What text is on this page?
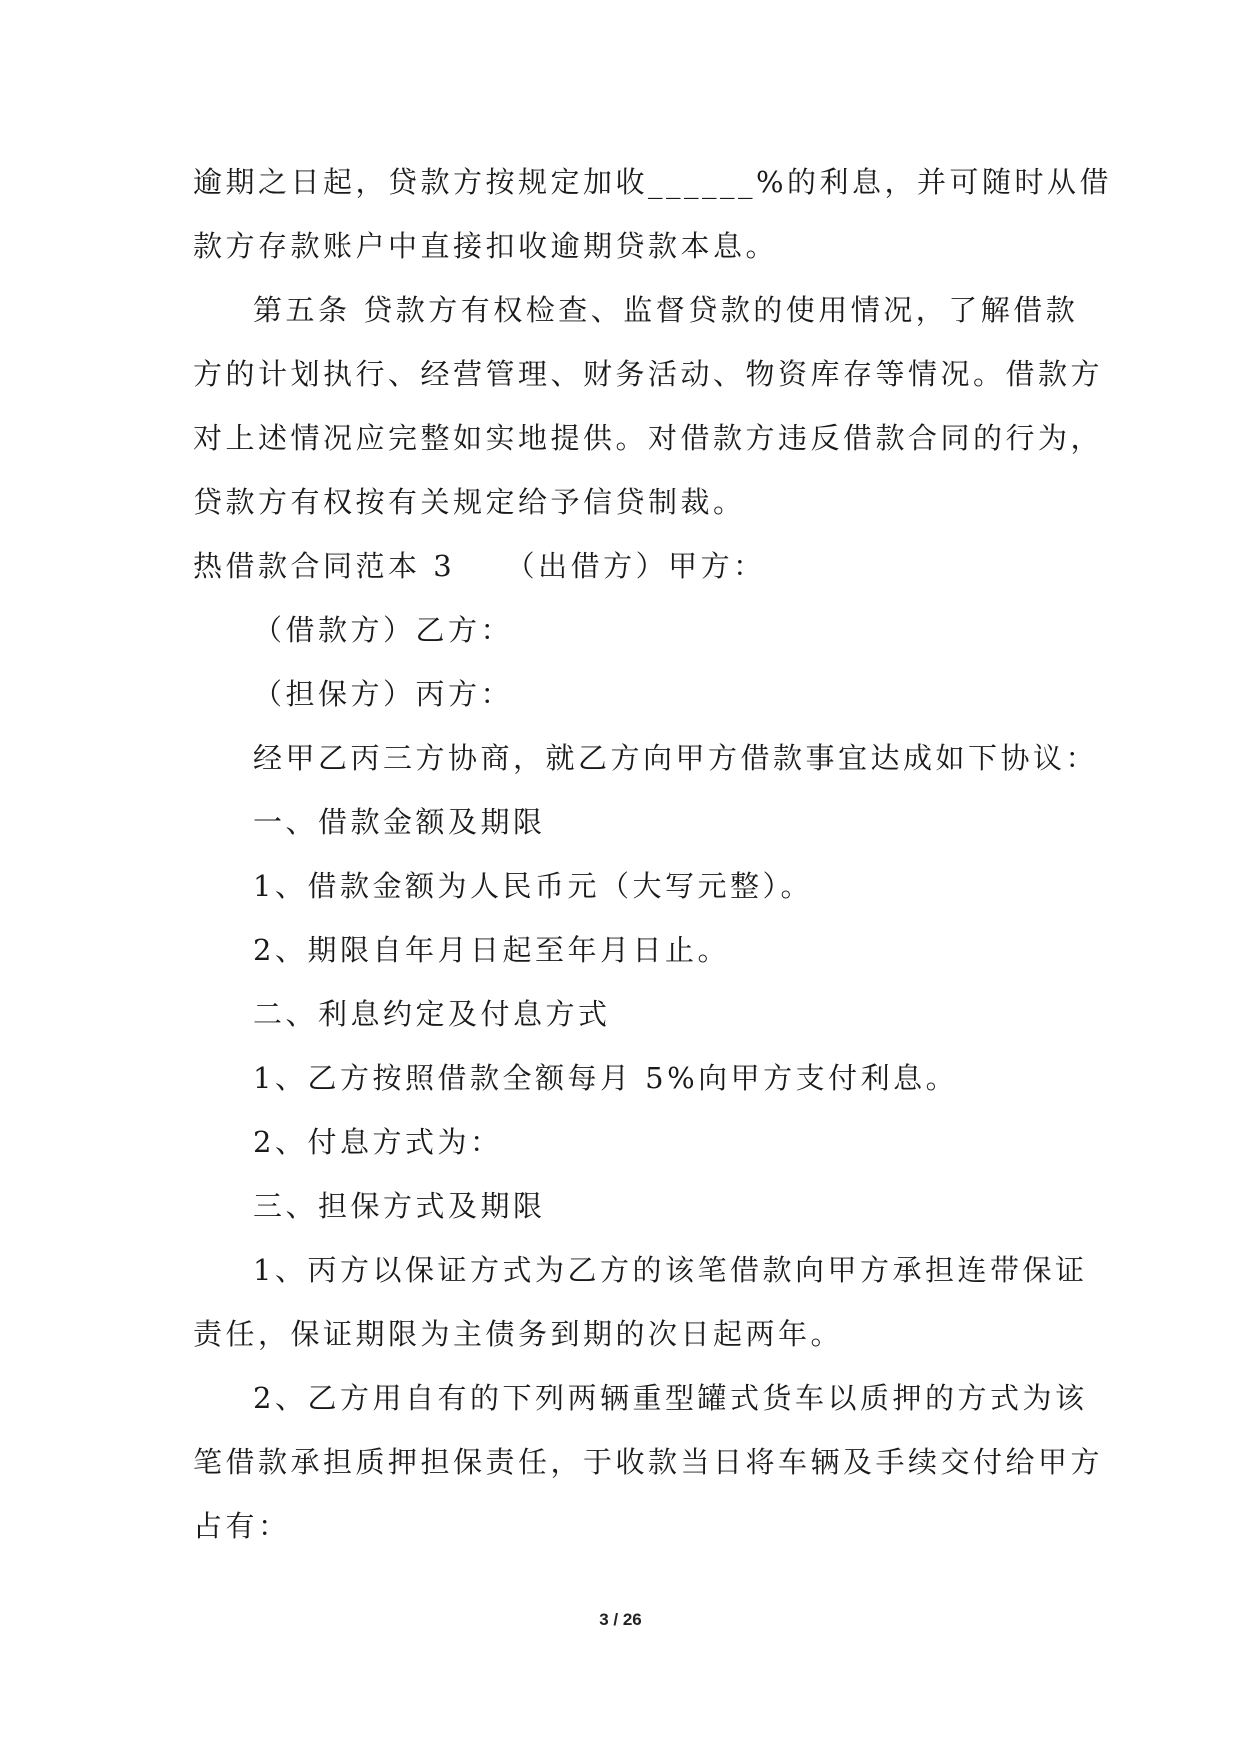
逾期之日起，贷款方按规定加收______%的利息，并可随时从借
款方存款账户中直接扣收逾期贷款本息。
第五条 贷款方有权检查、监督贷款的使用情况，了解借款
方的计划执行、经营管理、财务活动、物资库存等情况。借款方
对上述情况应完整如实地提供。对借款方违反借款合同的行为，
贷款方有权按有关规定给予信贷制裁。
热借款合同范本 3　　（出借方）甲方：
（借款方）乙方：
（担保方）丙方：
经甲乙丙三方协商，就乙方向甲方借款事宜达成如下协议：
一、借款金额及期限
1、借款金额为人民币元（大写元整）。
2、期限自年月日起至年月日止。
二、利息约定及付息方式
1、乙方按照借款全额每月 5%向甲方支付利息。
2、付息方式为：
三、担保方式及期限
1、丙方以保证方式为乙方的该笔借款向甲方承担连带保证
责任，保证期限为主债务到期的次日起两年。
2、乙方用自有的下列两辆重型罐式货车以质押的方式为该
笔借款承担质押担保责任，于收款当日将车辆及手续交付给甲方
占有：
3 / 26
